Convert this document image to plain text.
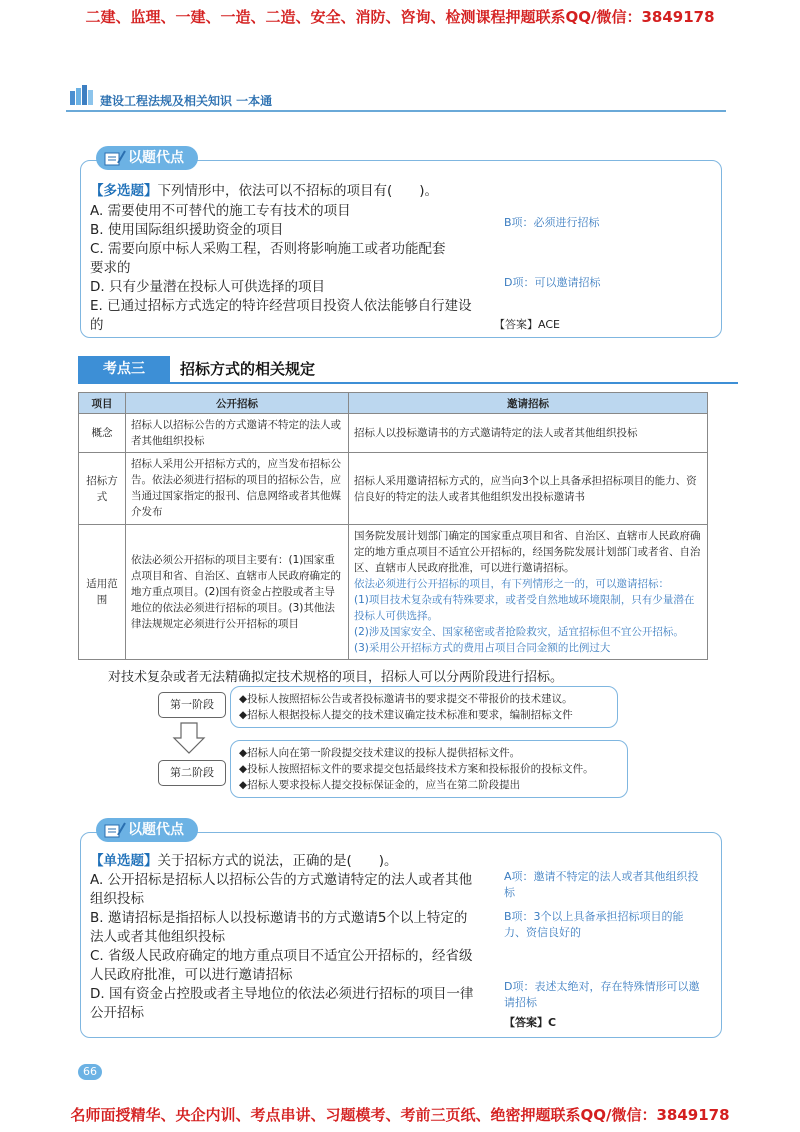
二建、监理、一建、一造、二造、安全、消防、咨询、检测课程押题联系QQ/微信：3849178
建设工程法规及相关知识 一本通
以题代点
【多选题】下列情形中，依法可以不招标的项目有(　　)。
A. 需要使用不可替代的施工专有技术的项目
B. 使用国际组织援助资金的项目
C. 需要向原中标人采购工程，否则将影响施工或者功能配套要求的
D. 只有少量潜在投标人可供选择的项目
E. 已通过招标方式选定的特许经营项目投资人依法能够自行建设的
B项：必须进行招标
D项：可以邀请招标
【答案】ACE
考点三	招标方式的相关规定
项目	公开招标	邀请招标
概念	招标人以招标公告的方式邀请不特定的法人或者其他组织投标	招标人以投标邀请书的方式邀请特定的法人或者其他组织投标
招标方式	招标人采用公开招标方式的，应当发布招标公告。依法必须进行招标的项目的招标公告，应当通过国家指定的报刊、信息网络或者其他媒介发布	招标人采用邀请招标方式的，应当向3个以上具备承担招标项目的能力、资信良好的特定的法人或者其他组织发出投标邀请书
适用范围	依法必须公开招标的项目主要有：(1)国家重点项目和省、自治区、直辖市人民政府确定的地方重点项目。(2)国有资金占控股或者主导地位的依法必须进行招标的项目。(3)其他法律法规规定必须进行公开招标的项目	国务院发展计划部门确定的国家重点项目和省、自治区、直辖市人民政府确定的地方重点项目不适宜公开招标的，经国务院发展计划部门或者省、自治区、直辖市人民政府批准，可以进行邀请招标。
依法必须进行公开招标的项目，有下列情形之一的，可以邀请招标：
(1)项目技术复杂或有特殊要求，或者受自然地域环境限制，只有少量潜在投标人可供选择。
(2)涉及国家安全、国家秘密或者抢险救灾，适宜招标但不宜公开招标。
(3)采用公开招标方式的费用占项目合同金额的比例过大
对技术复杂或者无法精确拟定技术规格的项目，招标人可以分两阶段进行招标。
第一阶段	◆投标人按照招标公告或者投标邀请书的要求提交不带报价的技术建议。
◆招标人根据投标人提交的技术建议确定技术标准和要求，编制招标文件
第二阶段
◆招标人向在第一阶段提交技术建议的投标人提供招标文件。
◆投标人按照招标文件的要求提交包括最终技术方案和投标报价的投标文件。
◆招标人要求投标人提交投标保证金的，应当在第二阶段提出
以题代点
【单选题】关于招标方式的说法，正确的是(　　)。
A. 公开招标是招标人以招标公告的方式邀请特定的法人或者其他组织投标
B. 邀请招标是指招标人以投标邀请书的方式邀请5个以上特定的法人或者其他组织投标
C. 省级人民政府确定的地方重点项目不适宜公开招标的，经省级人民政府批准，可以进行邀请招标
D. 国有资金占控股或者主导地位的依法必须进行招标的项目一律公开招标
A项：邀请不特定的法人或者其他组织投标
B项：3个以上具备承担招标项目的能力、资信良好的
D项：表述太绝对，存在特殊情形可以邀请招标
【答案】C
66
名师面授精华、央企内训、考点串讲、习题模考、考前三页纸、绝密押题联系QQ/微信：3849178
